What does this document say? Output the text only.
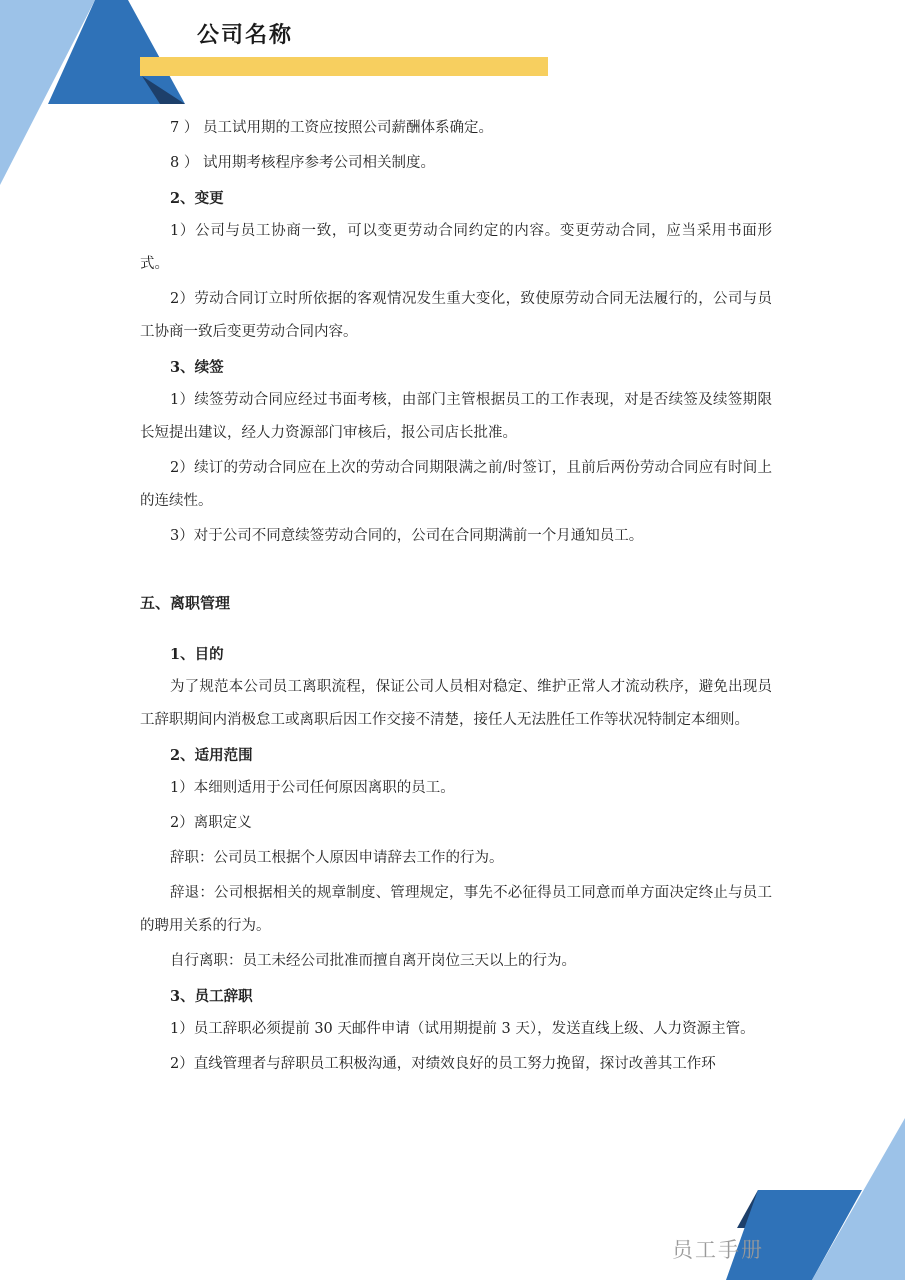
公司名称

7 ） 员工试用期的工资应按照公司薪酬体系确定。

8 ） 试用期考核程序参考公司相关制度。

2、变更

1）公司与员工协商一致，可以变更劳动合同约定的内容。变更劳动合同，应当采用书面形式。

2）劳动合同订立时所依据的客观情况发生重大变化，致使原劳动合同无法履行的，公司与员工协商一致后变更劳动合同内容。

3、续签

1）续签劳动合同应经过书面考核，由部门主管根据员工的工作表现，对是否续签及续签期限长短提出建议，经人力资源部门审核后，报公司店长批准。

2）续订的劳动合同应在上次的劳动合同期限满之前/时签订，且前后两份劳动合同应有时间上的连续性。

3）对于公司不同意续签劳动合同的，公司在合同期满前一个月通知员工。

五、离职管理

1、目的

为了规范本公司员工离职流程，保证公司人员相对稳定、维护正常人才流动秩序，避免出现员工辞职期间内消极怠工或离职后因工作交接不清楚，接任人无法胜任工作等状况特制定本细则。

2、适用范围

1）本细则适用于公司任何原因离职的员工。

2）离职定义

辞职：公司员工根据个人原因申请辞去工作的行为。

辞退：公司根据相关的规章制度、管理规定，事先不必征得员工同意而单方面决定终止与员工的聘用关系的行为。

自行离职：员工未经公司批准而擅自离开岗位三天以上的行为。

3、员工辞职

1）员工辞职必须提前 30 天邮件申请（试用期提前 3 天），发送直线上级、人力资源主管。

2）直线管理者与辞职员工积极沟通，对绩效良好的员工努力挽留，探讨改善其工作环

员工手册
